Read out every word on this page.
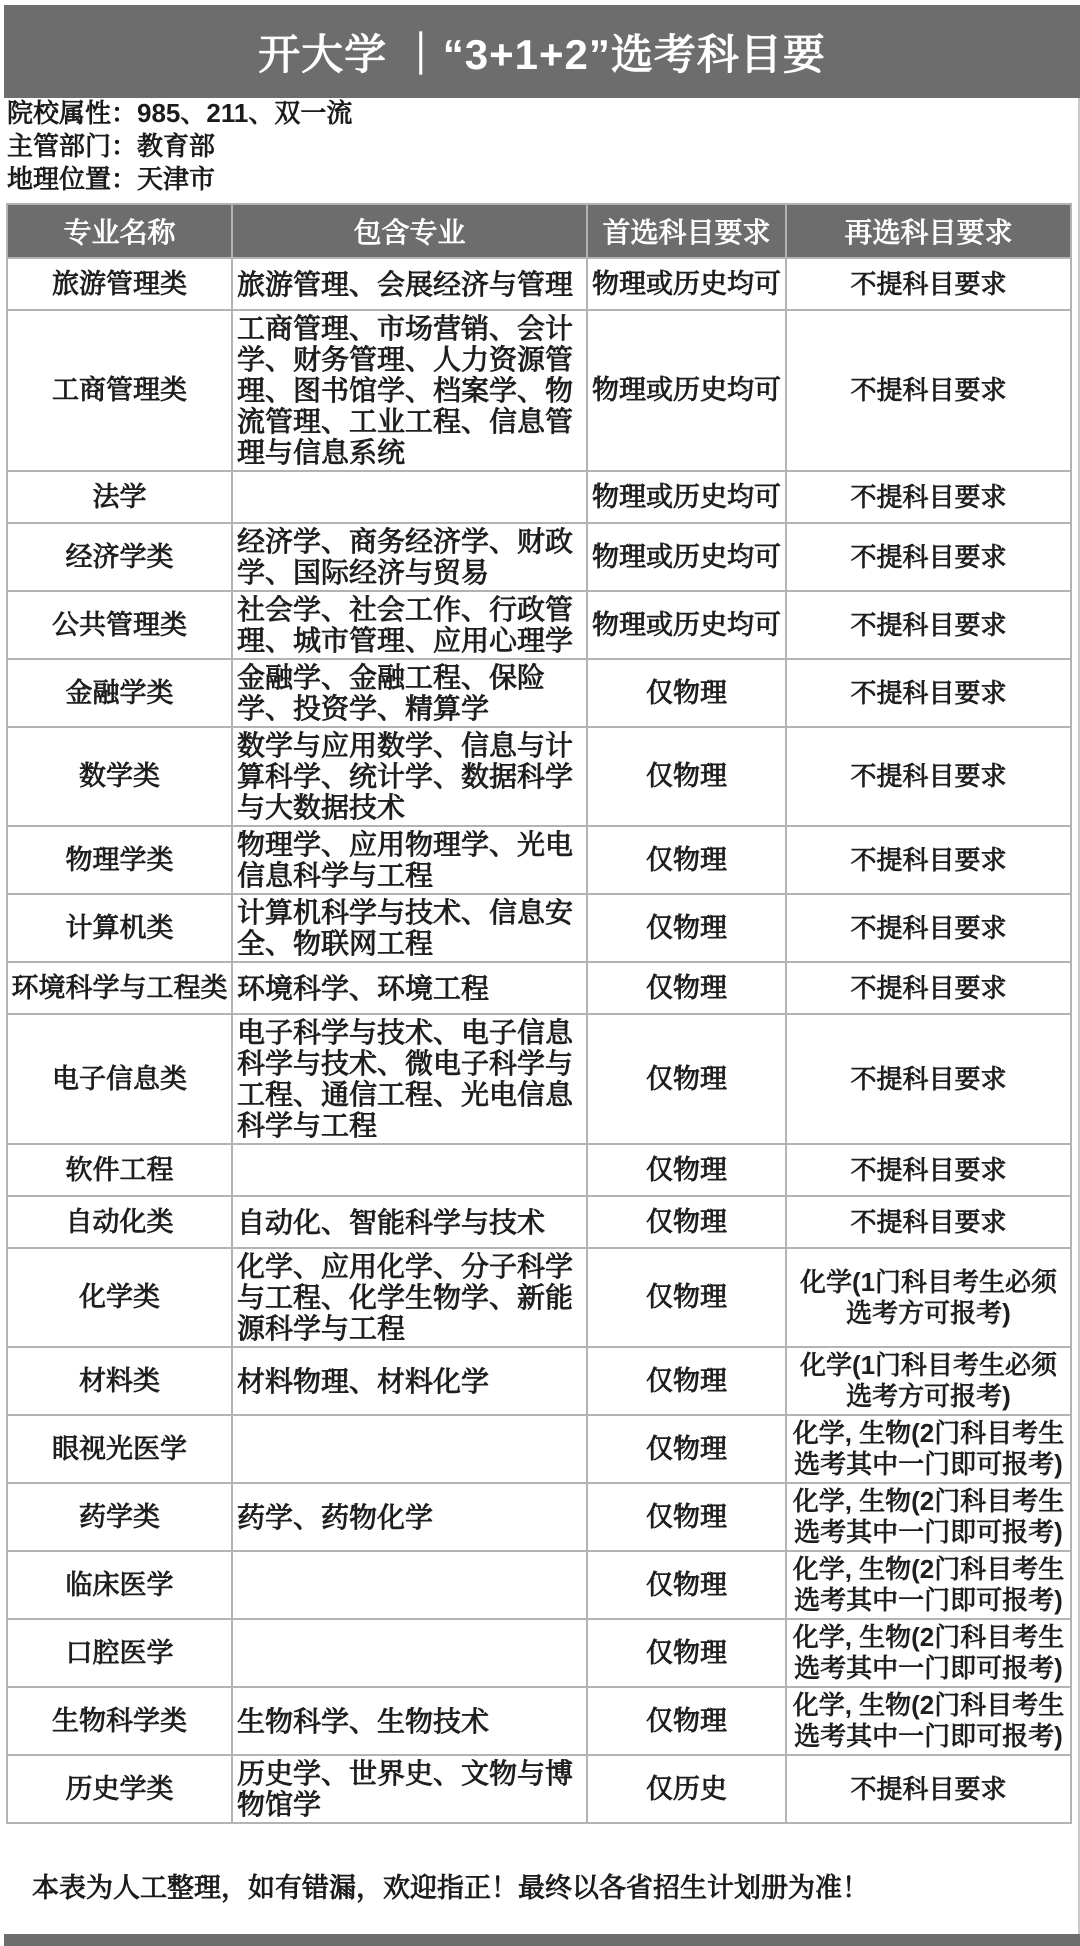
开大学 ｜“3+1+2”选考科目要
院校属性：985、211、双一流
主管部门：教育部
地理位置：天津市
专业名称	包含专业	首选科目要求	再选科目要求
旅游管理类	旅游管理、会展经济与管理	物理或历史均可	不提科目要求
工商管理类	工商管理、市场营销、会计学、财务管理、人力资源管理、图书馆学、档案学、物流管理、工业工程、信息管理与信息系统	物理或历史均可	不提科目要求
法学		物理或历史均可	不提科目要求
经济学类	经济学、商务经济学、财政学、国际经济与贸易	物理或历史均可	不提科目要求
公共管理类	社会学、社会工作、行政管理、城市管理、应用心理学	物理或历史均可	不提科目要求
金融学类	金融学、金融工程、保险学、投资学、精算学	仅物理	不提科目要求
数学类	数学与应用数学、信息与计算科学、统计学、数据科学与大数据技术	仅物理	不提科目要求
物理学类	物理学、应用物理学、光电信息科学与工程	仅物理	不提科目要求
计算机类	计算机科学与技术、信息安全、物联网工程	仅物理	不提科目要求
环境科学与工程类	环境科学、环境工程	仅物理	不提科目要求
电子信息类	电子科学与技术、电子信息科学与技术、微电子科学与工程、通信工程、光电信息科学与工程	仅物理	不提科目要求
软件工程		仅物理	不提科目要求
自动化类	自动化、智能科学与技术	仅物理	不提科目要求
化学类	化学、应用化学、分子科学与工程、化学生物学、新能源科学与工程	仅物理	化学(1门科目考生必须选考方可报考)
材料类	材料物理、材料化学	仅物理	化学(1门科目考生必须选考方可报考)
眼视光医学		仅物理	化学, 生物(2门科目考生选考其中一门即可报考)
药学类	药学、药物化学	仅物理	化学, 生物(2门科目考生选考其中一门即可报考)
临床医学		仅物理	化学, 生物(2门科目考生选考其中一门即可报考)
口腔医学		仅物理	化学, 生物(2门科目考生选考其中一门即可报考)
生物科学类	生物科学、生物技术	仅物理	化学, 生物(2门科目考生选考其中一门即可报考)
历史学类	历史学、世界史、文物与博物馆学	仅历史	不提科目要求
本表为人工整理，如有错漏，欢迎指正！最终以各省招生计划册为准！
